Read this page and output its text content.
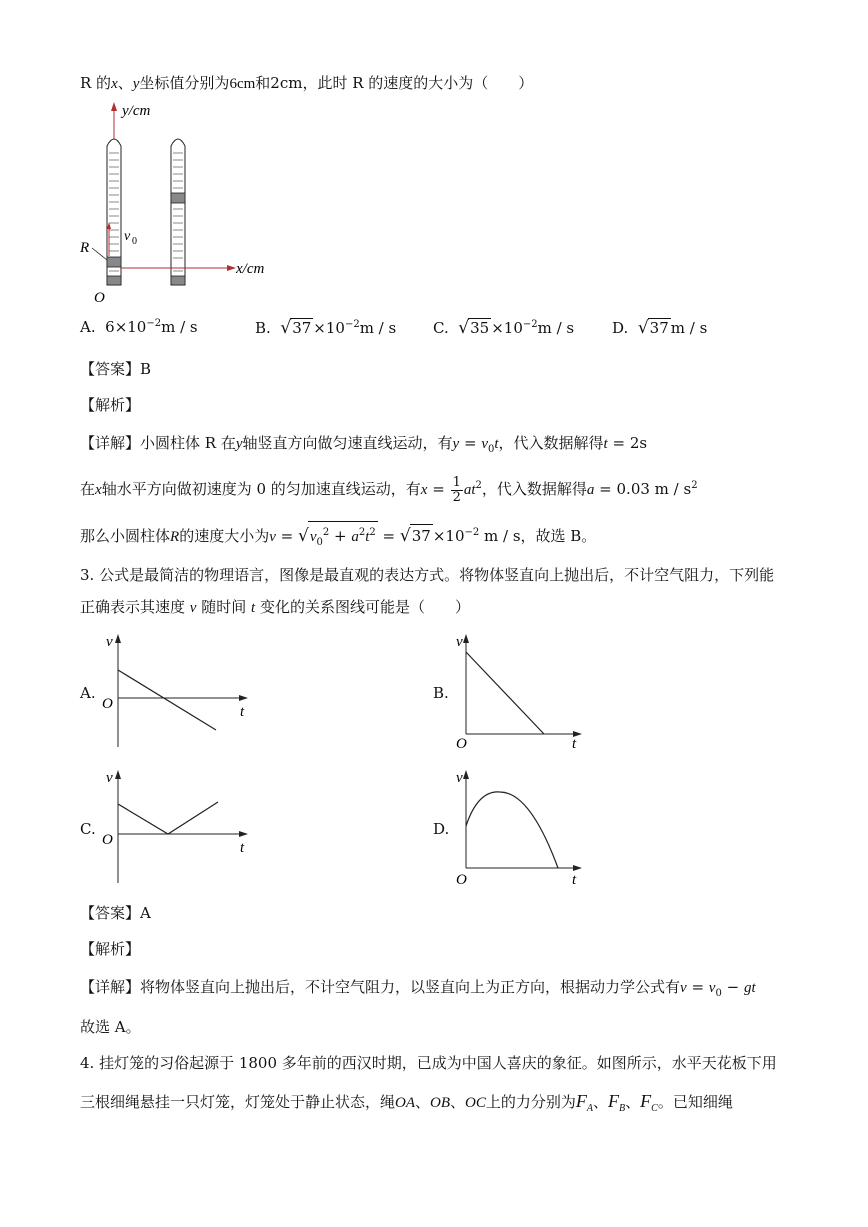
R 的x、y坐标值分别为6cm和2cm，此时 R 的速度的大小为（　　）
y/cm
x/cm
R
O
v 0
A. $6\times 10^{-2}m / s$	B. $√37 \times 10^{-2}m / s$ C. $√35 \times 10^{-2}m / s$	D. √37 m / s
【答案】B
【解析】
【详解】小圆柱体 R 在y轴竖直方向做匀速直线运动，有$y = v_0t$，代入数据解得t = 2s
在x轴水平方向做初速度为 0 的匀加速直线运动，有$x = \frac{1}{2} at^2$，代入数据解得a = 0.03 m / $s^2$
那么小圆柱体R的速度大小为$v = √v_0^2 + a^2t^2 = √37 \times 10^{-2}$ m / s，故选 B。
3. 公式是最简洁的物理语言，图像是最直观的表达方式。将物体竖直向上抛出后，不计空气阻力，下列能
正确表示其速度 v 随时间 t 变化的关系图线可能是（　　）
A.
v
O	t
B.
v
O	t
C.
v
O	t
D.
v
O	t
【答案】A
【解析】
【详解】将物体竖直向上抛出后，不计空气阻力，以竖直向上为正方向，根据动力学公式有$v = v_0$ − gt
故选 A。
4. 挂灯笼的习俗起源于 1800 多年前的西汉时期，已成为中国人喜庆的象征。如图所示，水平天花板下用
三根细绳悬挂一只灯笼，灯笼处于静止状态，绳OA、OB、OC上的力分别为$F_A$、$F_B$、$F_C$。已知细绳
